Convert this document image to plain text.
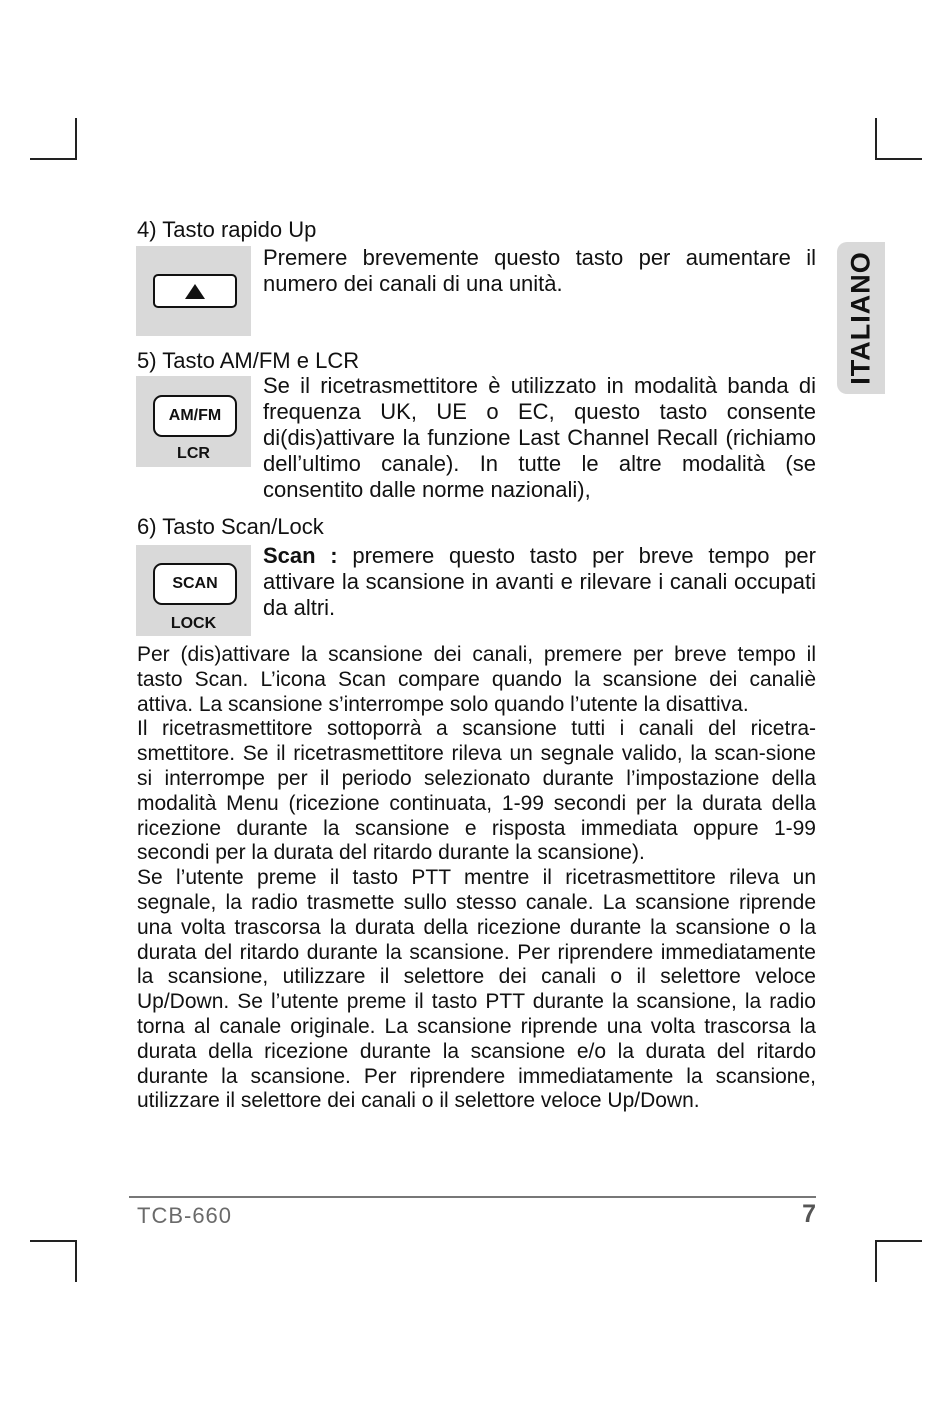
ITALIANO
4) Tasto rapido Up
Premere brevemente questo tasto per aumentare il numero dei canali di una unità.
5) Tasto AM/FM e LCR
AM/FM
LCR
Se il ricetrasmettitore è utilizzato in modalità banda di frequenza UK, UE o EC, questo tasto consente di(dis)attivare la funzione Last Channel Recall (richiamo dell’ultimo canale). In tutte le altre modalità (se consentito dalle norme nazionali),
6) Tasto Scan/Lock
SCAN
LOCK
Scan : premere questo tasto per breve tempo per attivare la scansione in avanti e rilevare i canali occupati da altri.

Per (dis)attivare la scansione dei canali, premere per breve tempo il tasto Scan. L’icona Scan compare quando la scansione dei canaliè attiva. La scansione s’interrompe solo quando l’utente la disattiva.

Il ricetrasmettitore sottoporrà a scansione tutti i canali del ricetra-smettitore. Se il ricetrasmettitore rileva un segnale valido, la scan-sione si interrompe per il periodo selezionato durante l’impostazione della modalità Menu (ricezione continuata, 1-99 secondi per la durata della ricezione durante la scansione e risposta immediata oppure 1-99 secondi per la durata del ritardo durante la scansione).

Se l’utente preme il tasto PTT mentre il ricetrasmettitore rileva un segnale, la radio trasmette sullo stesso canale. La scansione riprende una volta trascorsa la durata della ricezione durante la scansione o la durata del ritardo durante la scansione. Per riprendere immediatamente la scansione, utilizzare il selettore dei canali o il selettore veloce Up/Down. Se l’utente preme il tasto PTT durante la scansione, la radio torna al canale originale. La scansione riprende una volta trascorsa la durata della ricezione durante la scansione e/o la durata del ritardo durante la scansione. Per riprendere immediatamente la scansione, utilizzare il selettore dei canali o il selettore veloce Up/Down.

TCB-660	7
